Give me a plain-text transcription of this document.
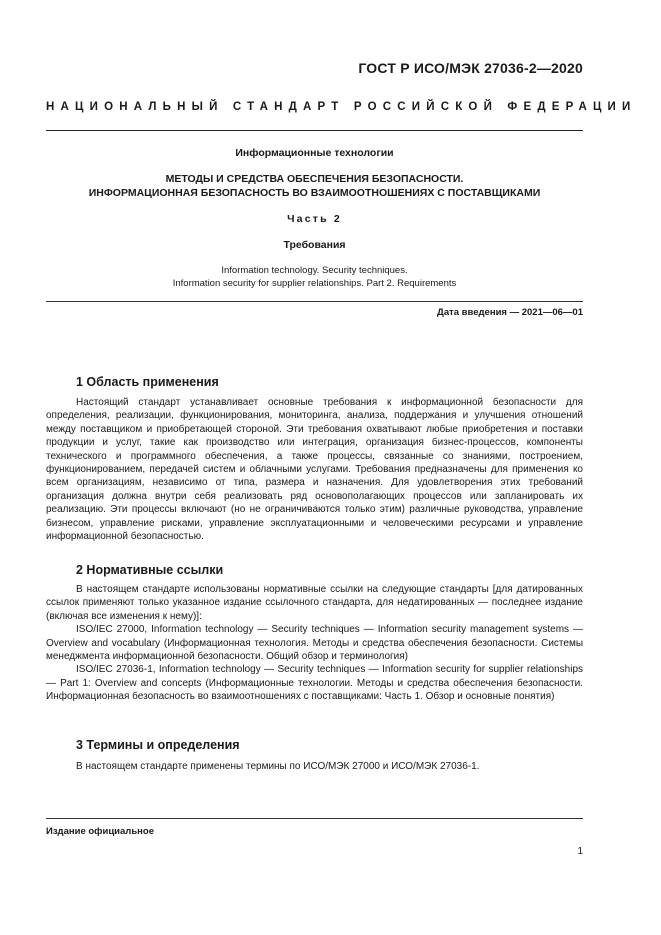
ГОСТ Р ИСО/МЭК 27036-2—2020
НАЦИОНАЛЬНЫЙ СТАНДАРТ РОССИЙСКОЙ ФЕДЕРАЦИИ
Информационные технологии
МЕТОДЫ И СРЕДСТВА ОБЕСПЕЧЕНИЯ БЕЗОПАСНОСТИ.
ИНФОРМАЦИОННАЯ БЕЗОПАСНОСТЬ ВО ВЗАИМООТНОШЕНИЯХ С ПОСТАВЩИКАМИ
Часть 2
Требования
Information technology. Security techniques.
Information security for supplier relationships. Part 2. Requirements
Дата введения — 2021—06—01
1 Область применения

Настоящий стандарт устанавливает основные требования к информационной безопасности для определения, реализации, функционирования, мониторинга, анализа, поддержания и улучшения отношений между поставщиком и приобретающей стороной. Эти требования охватывают любые приобретения и поставки продукции и услуг, такие как производство или интеграция, организация бизнес-процессов, компоненты технического и программного обеспечения, а также процессы, связанные со знаниями, построением, функционированием, передачей систем и облачными услугами. Требования предназначены для применения ко всем организациям, независимо от типа, размера и назначения. Для удовлетворения этих требований организация должна внутри себя реализовать ряд основополагающих процессов или запланировать их реализацию. Эти процессы включают (но не ограничиваются только этим) различные руководства, управление бизнесом, управление рисками, управление эксплуатационными и человеческими ресурсами и управление информационной безопасностью.

2 Нормативные ссылки

В настоящем стандарте использованы нормативные ссылки на следующие стандарты [для датированных ссылок применяют только указанное издание ссылочного стандарта, для недатированных — последнее издание (включая все изменения к нему)]:

ISO/IEC 27000, Information technology — Security techniques — Information security management systems — Overview and vocabulary (Информационная технология. Методы и средства обеспечения безопасности. Системы менеджмента информационной безопасности. Общий обзор и терминология)

ISO/IEC 27036-1, Information technology — Security techniques — Information security for supplier relationships — Part 1: Overview and concepts (Информационные технологии. Методы и средства обеспечения безопасности. Информационная безопасность во взаимоотношениях с поставщиками: Часть 1. Обзор и основные понятия)

3 Термины и определения

В настоящем стандарте применены термины по ИСО/МЭК 27000 и ИСО/МЭК 27036-1.

Издание официальное
1
